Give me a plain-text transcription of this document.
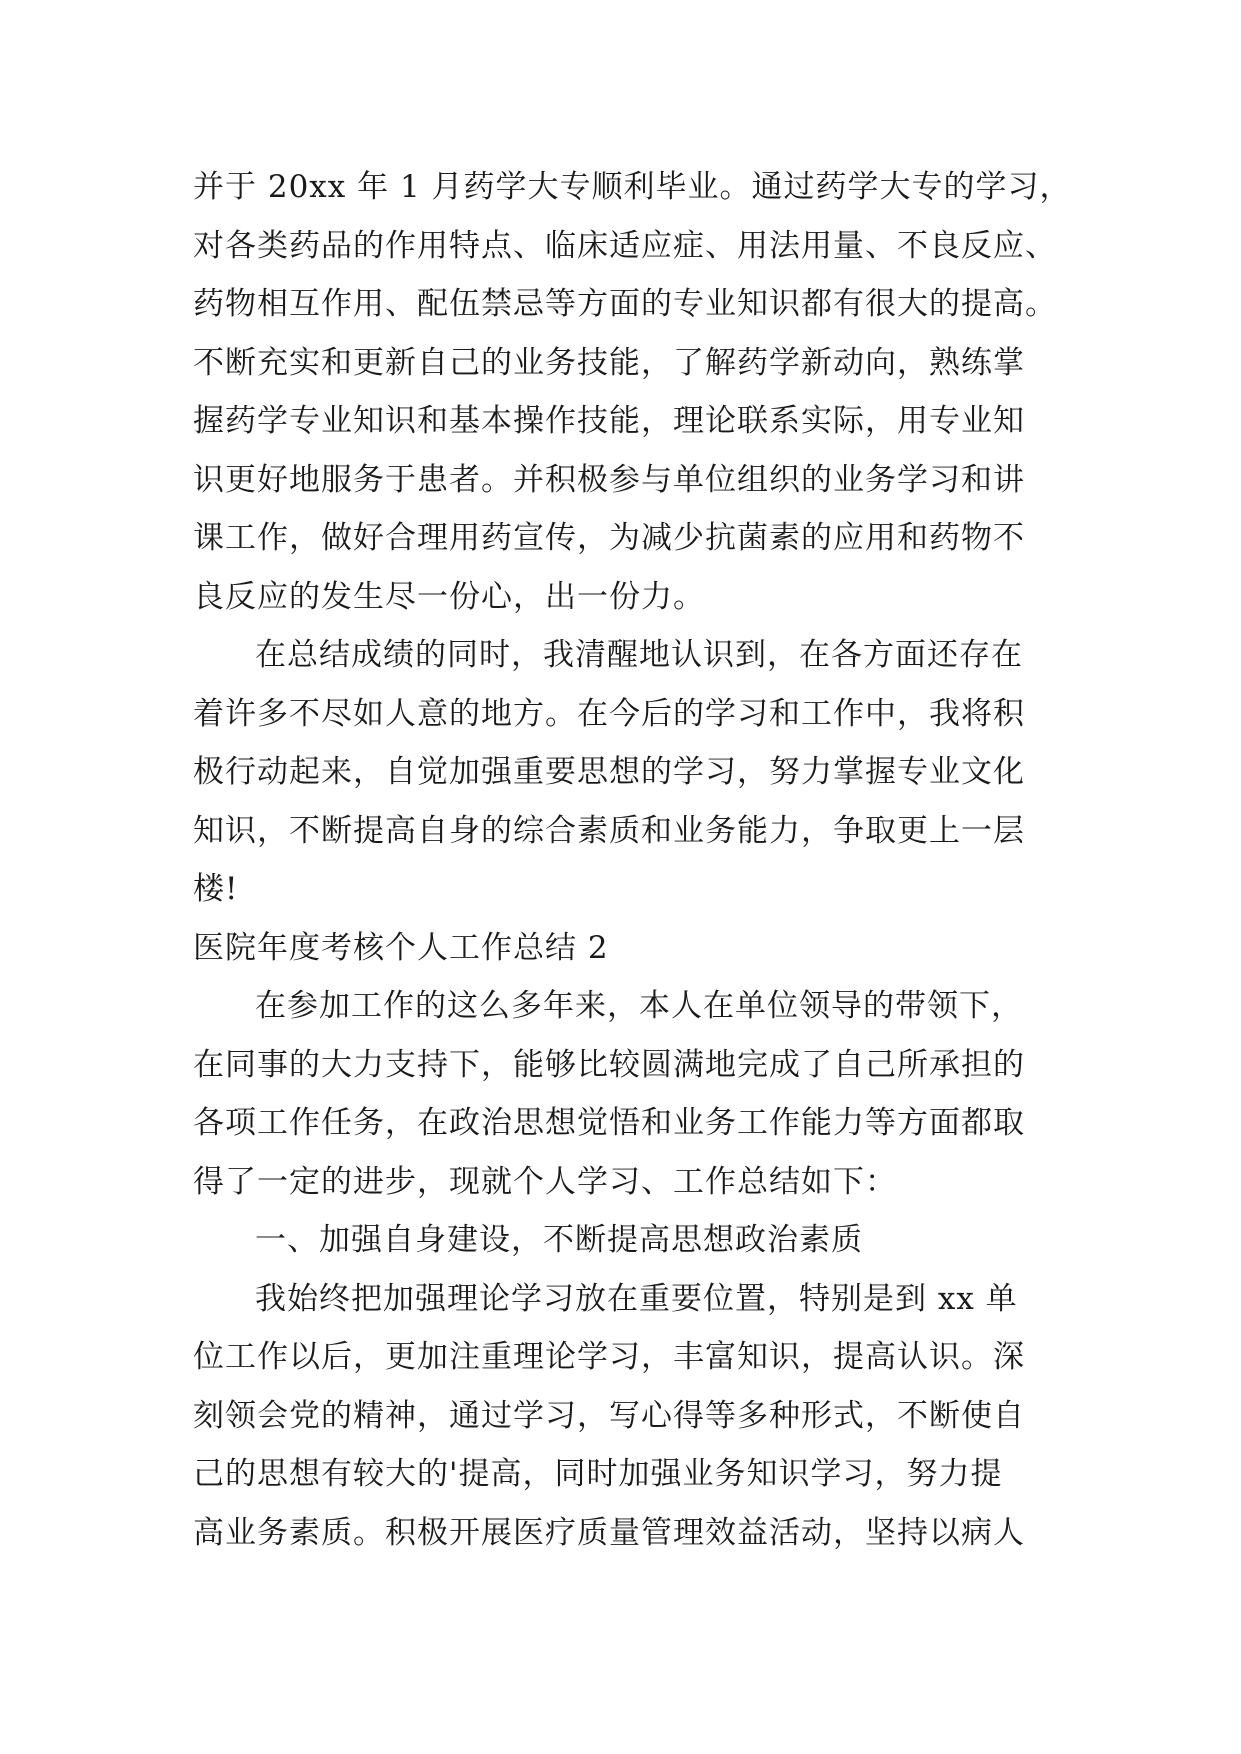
并于 20xx 年 1 月药学大专顺利毕业。通过药学大专的学习，
对各类药品的作用特点、临床适应症、用法用量、不良反应、
药物相互作用、配伍禁忌等方面的专业知识都有很大的提高。
不断充实和更新自己的业务技能，了解药学新动向，熟练掌
握药学专业知识和基本操作技能，理论联系实际，用专业知
识更好地服务于患者。并积极参与单位组织的业务学习和讲
课工作，做好合理用药宣传，为减少抗菌素的应用和药物不
良反应的发生尽一份心，出一份力。
在总结成绩的同时，我清醒地认识到，在各方面还存在
着许多不尽如人意的地方。在今后的学习和工作中，我将积
极行动起来，自觉加强重要思想的学习，努力掌握专业文化
知识，不断提高自身的综合素质和业务能力，争取更上一层
楼!
医院年度考核个人工作总结 2
在参加工作的这么多年来，本人在单位领导的带领下，
在同事的大力支持下，能够比较圆满地完成了自己所承担的
各项工作任务，在政治思想觉悟和业务工作能力等方面都取
得了一定的进步，现就个人学习、工作总结如下：
一、加强自身建设，不断提高思想政治素质
我始终把加强理论学习放在重要位置，特别是到 xx 单
位工作以后，更加注重理论学习，丰富知识，提高认识。深
刻领会党的精神，通过学习，写心得等多种形式，不断使自
己的思想有较大的'提高，同时加强业务知识学习，努力提
高业务素质。积极开展医疗质量管理效益活动，坚持以病人
